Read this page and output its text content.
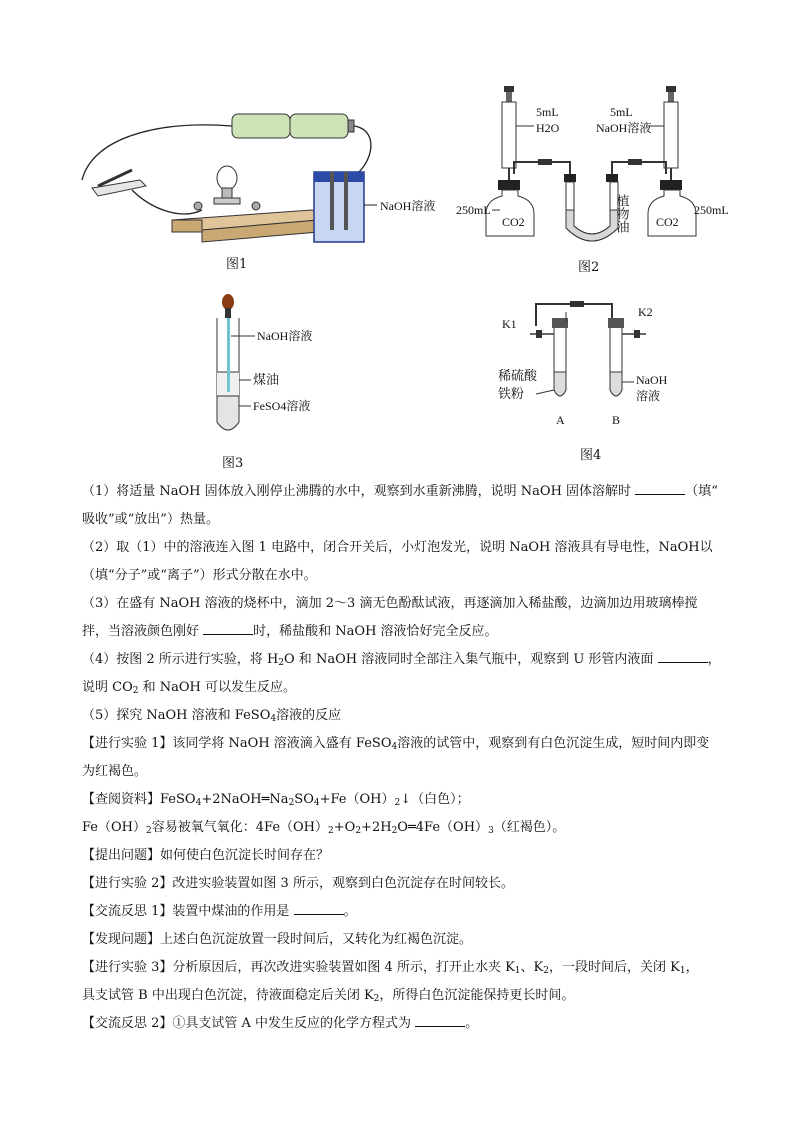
NaOH溶液
图1
5mL
H2O
5mL
NaOH溶液
250mL	250mL
CO2	CO2
植物油
图2
NaOH溶液
煤油
FeSO4溶液
图3
K1
K2
稀硫酸
铁粉
NaOH
溶液
A	B
图4

（1）将适量 NaOH 固体放入刚停止沸腾的水中，观察到水重新沸腾，说明 NaOH 固体溶解时	（填“

吸收”或“放出”）热量。

（2）取（1）中的溶液连入图 1 电路中，闭合开关后，小灯泡发光，说明 NaOH 溶液具有导电性，NaOH以

（填“分子”或“离子”）形式分散在水中。

（3）在盛有 NaOH 溶液的烧杯中，滴加 2～3 滴无色酚酞试液，再逐滴加入稀盐酸，边滴加边用玻璃棒搅

拌，当溶液颜色刚好	时，稀盐酸和 NaOH 溶液恰好完全反应。

（4）按图 2 所示进行实验，将 $H_2O$ 和 NaOH 溶液同时全部注入集气瓶中，观察到 U 形管内液面	，

说明 $CO_2$ 和 NaOH 可以发生反应。

（5）探究 NaOH 溶液和 FeSO$_4$溶液的反应

【进行实验 1】该同学将 NaOH 溶液滴入盛有 FeSO$_4$溶液的试管中，观察到有白色沉淀生成，短时间内即变

为红褐色。

【查阅资料】$FeSO_4+2NaOH═Na_2SO_4+Fe(OH)_2↓$（白色）；

$Fe(OH)_2$容易被氧气氧化：$4Fe(OH)_2+O_2+2H_2O═4Fe(OH)_3$（红褐色）。

【提出问题】如何使白色沉淀长时间存在？

【进行实验 2】改进实验装置如图 3 所示，观察到白色沉淀存在时间较长。

【交流反思 1】装置中煤油的作用是	。

【发现问题】上述白色沉淀放置一段时间后，又转化为红褐色沉淀。

【进行实验 3】分析原因后，再次改进实验装置如图 4 所示，打开止水夹 $K_1$、$K_2$，一段时间后，关闭 $K_1$，

具支试管 B 中出现白色沉淀，待液面稳定后关闭 $K_2$，所得白色沉淀能保持更长时间。

【交流反思 2】①具支试管 A 中发生反应的化学方程式为	。
